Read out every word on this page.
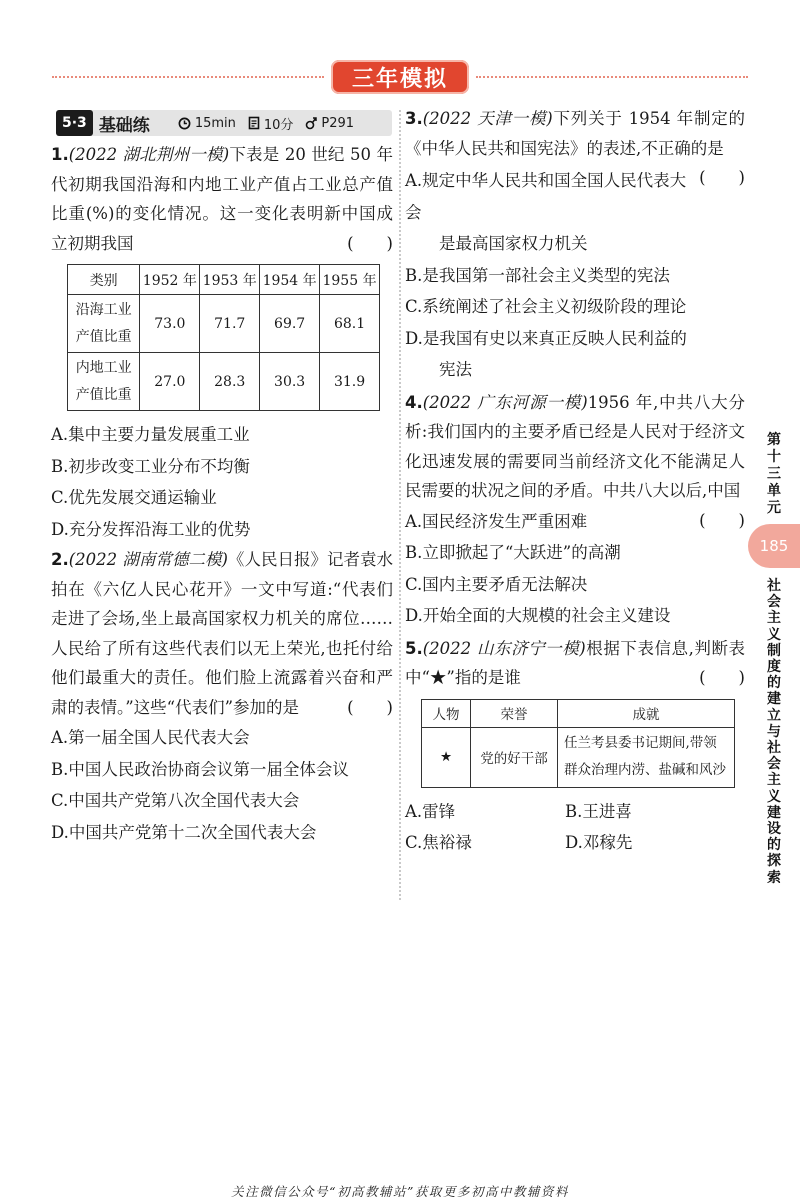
三年模拟
5·3 基础练	15min 10分 P291
1.(2022 湖北荆州一模)下表是 20 世纪 50 年代初期我国沿海和内地工业产值占工业总产值比重(%)的变化情况。这一变化表明新中国成立初期我国	(　　)
类别	1952 年	1953 年	1954 年	1955 年
沿海工业
产值比重	73.0	71.7	69.7	68.1
内地工业
产值比重	27.0	28.3	30.3	31.9
A.集中主要力量发展重工业
B.初步改变工业分布不均衡
C.优先发展交通运输业
D.充分发挥沿海工业的优势
2.(2022 湖南常德二模)《人民日报》记者袁水拍在《六亿人民心花开》一文中写道:“代表们走进了会场,坐上最高国家权力机关的席位……人民给了所有这些代表们以无上荣光,也托付给他们最重大的责任。他们脸上流露着兴奋和严肃的表情。”这些“代表们”参加的是	(　　)
A.第一届全国人民代表大会
B.中国人民政治协商会议第一届全体会议
C.中国共产党第八次全国代表大会
D.中国共产党第十二次全国代表大会
3.(2022 天津一模)下列关于 1954 年制定的《中华人民共和国宪法》的表述,不正确的是
(　　)
A.规定中华人民共和国全国人民代表大会
是最高国家权力机关
B.是我国第一部社会主义类型的宪法
C.系统阐述了社会主义初级阶段的理论
D.是我国有史以来真正反映人民利益的
宪法
4.(2022 广东河源一模)1956 年,中共八大分析:我们国内的主要矛盾已经是人民对于经济文化迅速发展的需要同当前经济文化不能满足人民需要的状况之间的矛盾。中共八大以后,中国
(　　)
A.国民经济发生严重困难
B.立即掀起了“大跃进”的高潮
C.国内主要矛盾无法解决
D.开始全面的大规模的社会主义建设
5.(2022 山东济宁一模)根据下表信息,判断表中“★”指的是谁	(　　)
人物	荣誉	成就
★	党的好干部	任兰考县委书记期间,带领
群众治理内涝、盐碱和风沙
A.雷锋	B.王进喜
C.焦裕禄	D.邓稼先
第
十
三
单
元
185
社
会
主
义
制
度
的
建
立
与
社
会
主
义
建
设
的
探
索
关注微信公众号“初高教辅站”获取更多初高中教辅资料
